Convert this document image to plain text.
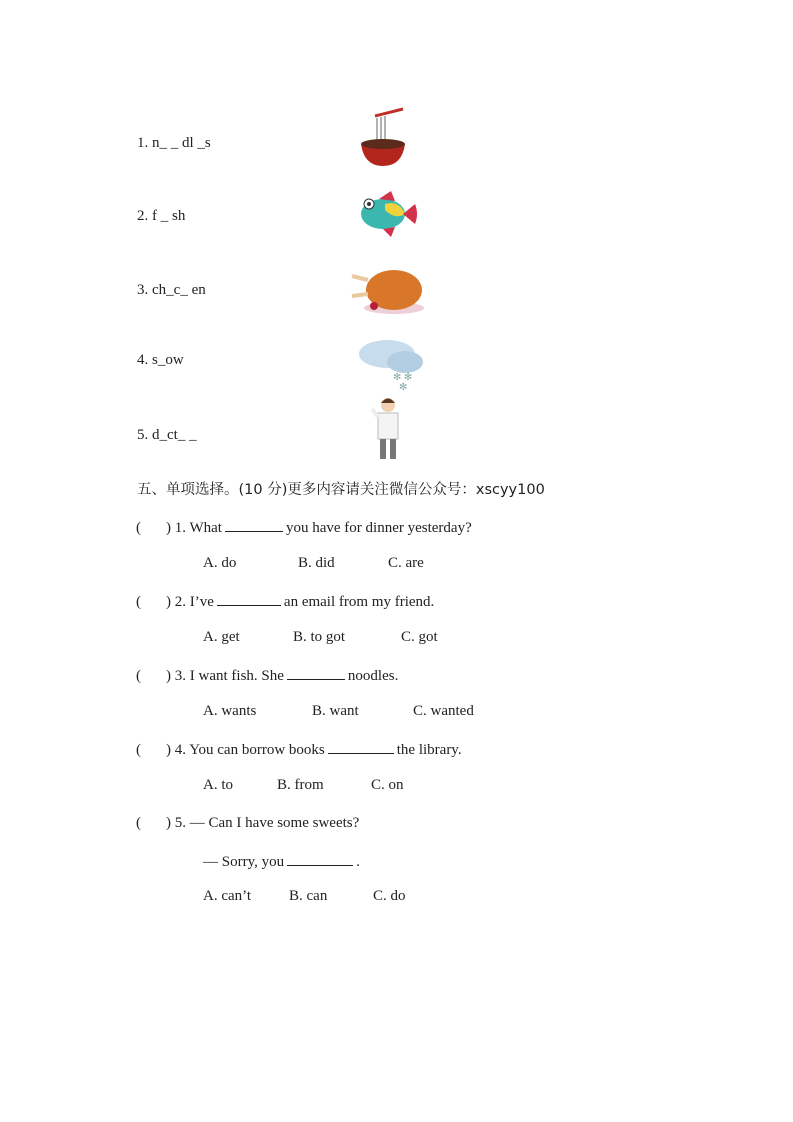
1. n_ _ dl _s
2. f _ sh
3. ch_c_ en
4. s_ow
5. d_ct_ _
✻ ✻
✻
五、单项选择。(10 分)更多内容请关注微信公众号：xscyy100
( ) 1. What	you have for dinner yesterday?
A. do	B. did	C. are
( ) 2. I’ve	an email from my friend.
A. get	B. to got	C. got
( ) 3. I want fish. She	noodles.
A. wants	B. want	C. wanted
( ) 4. You can borrow books	the library.
A. to	B. from	C. on
( ) 5. — Can I have some sweets?
— Sorry, you	.
A. can’t	B. can	C. do
